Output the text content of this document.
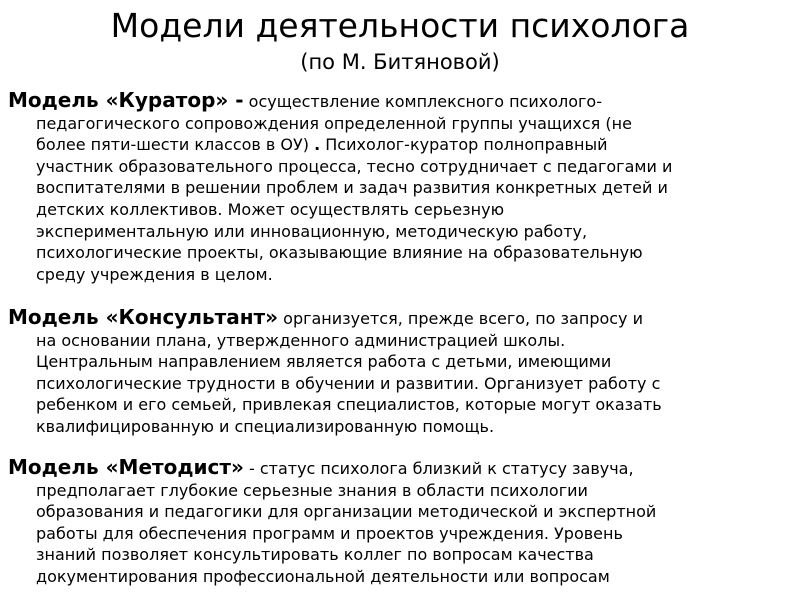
Модели деятельности психолога
(по М. Битяновой)
Модель «Куратор» - осуществление комплексного психолого-
педагогического сопровождения определенной группы учащихся (не
более пяти-шести классов в ОУ) . Психолог-куратор полноправный
участник образовательного процесса, тесно сотрудничает с педагогами и
воспитателями в решении проблем и задач развития конкретных детей и
детских коллективов. Может осуществлять серьезную
экспериментальную или инновационную, методическую работу,
психологические проекты, оказывающие влияние на образовательную
среду учреждения в целом.
Модель «Консультант» организуется, прежде всего, по запросу и
на основании плана, утвержденного администрацией школы.
Центральным направлением является работа с детьми, имеющими
психологические трудности в обучении и развитии. Организует работу с
ребенком и его семьей, привлекая специалистов, которые могут оказать
квалифицированную и специализированную помощь.
Модель «Методист» - статус психолога близкий к статусу завуча,
предполагает глубокие серьезные знания в области психологии
образования и педагогики для организации методической и экспертной
работы для обеспечения программ и проектов учреждения. Уровень
знаний позволяет консультировать коллег по вопросам качества
документирования профессиональной деятельности или вопросам
